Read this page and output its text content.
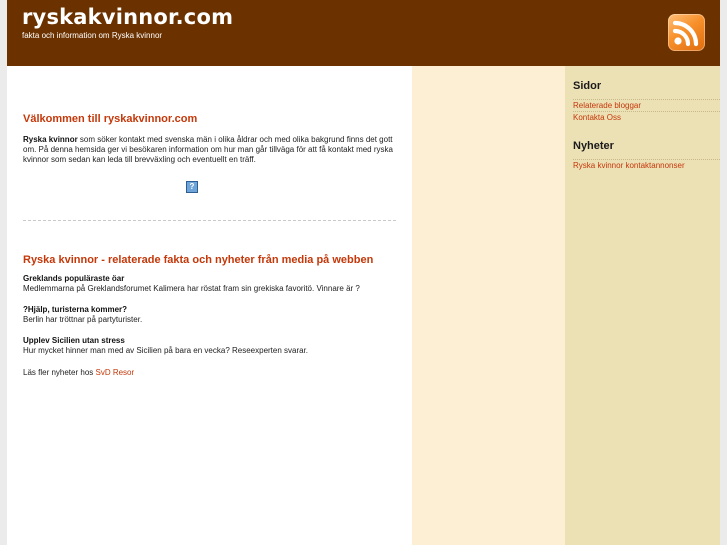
ryskakvinnor.com
fakta och information om Ryska kvinnor
Välkommen till ryskakvinnor.com

Ryska kvinnor som söker kontakt med svenska män i olika åldrar och med olika bakgrund finns det gott om. På denna hemsida ger vi besökaren information om hur man går tillväga för att få kontakt med ryska kvinnor som sedan kan leda till brevväxling och eventuellt en träff.

?
Ryska kvinnor - relaterade fakta och nyheter från media på webben
Greklands populäraste öar
Medlemmarna på Greklandsforumet Kalimera har röstat fram sin grekiska favoritö. Vinnare är ?
?Hjälp, turisterna kommer?
Berlin har tröttnar på partyturister.
Upplev Sicilien utan stress
Hur mycket hinner man med av Sicilien på bara en vecka? Reseexperten svarar.
Läs fler nyheter hos SvD Resor
Sidor
Relaterade bloggar
Kontakta Oss
Nyheter
Ryska kvinnor kontaktannonser
